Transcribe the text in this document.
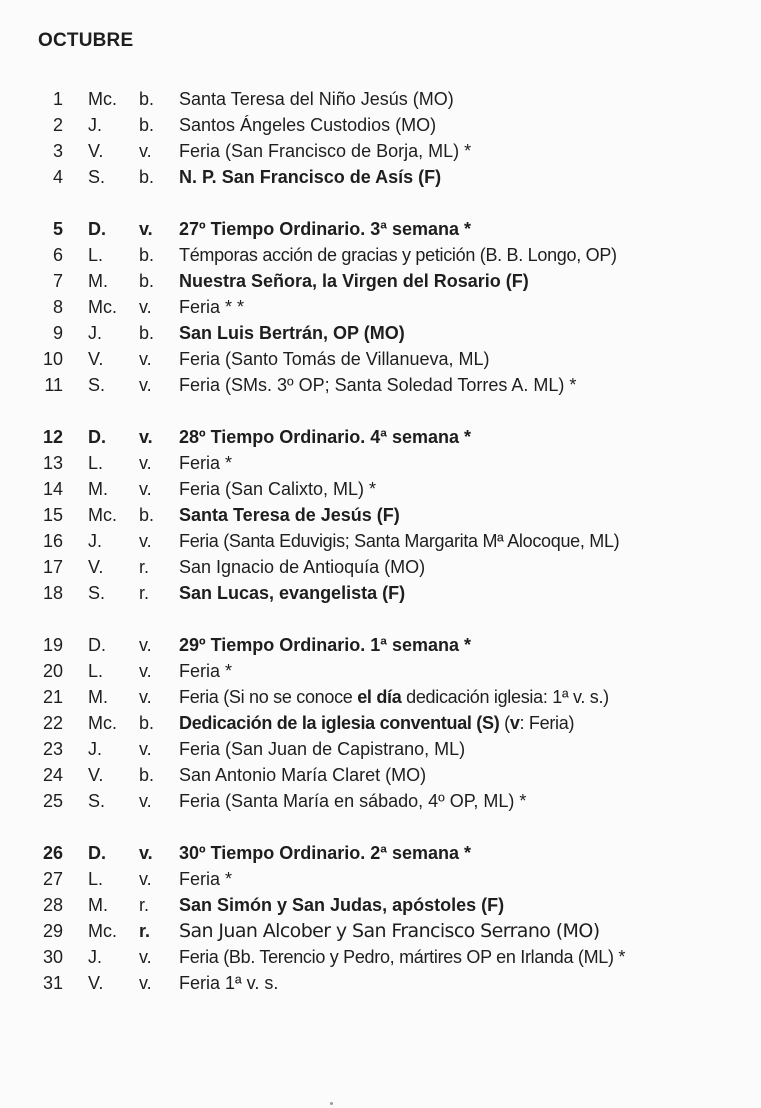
OCTUBRE
1 Mc. b. Santa Teresa del Niño Jesús (MO)
2 J. b. Santos Ángeles Custodios (MO)
3 V. v. Feria (San Francisco de Borja, ML) *
4 S. b. N. P. San Francisco de Asís (F)
5 D. v. 27º Tiempo Ordinario. 3ª semana *
6 L. b. Témporas acción de gracias y petición (B. B. Longo, OP)
7 M. b. Nuestra Señora, la Virgen del Rosario (F)
8 Mc. v. Feria * *
9 J. b. San Luis Bertrán, OP (MO)
10 V. v. Feria (Santo Tomás de Villanueva, ML)
11 S. v. Feria (SMs. 3º OP; Santa Soledad Torres A. ML) *
12 D. v. 28º Tiempo Ordinario. 4ª semana *
13 L. v. Feria *
14 M. v. Feria (San Calixto, ML) *
15 Mc. b. Santa Teresa de Jesús (F)
16 J. v. Feria (Santa Eduvigis; Santa Margarita Mª Alocoque, ML)
17 V. r. San Ignacio de Antioquía (MO)
18 S. r. San Lucas, evangelista (F)
19 D. v. 29º Tiempo Ordinario. 1ª semana *
20 L. v. Feria *
21 M. v. Feria (Si no se conoce el día dedicación iglesia: 1ª v. s.)
22 Mc. b. Dedicación de la iglesia conventual (S) (v: Feria)
23 J. v. Feria (San Juan de Capistrano, ML)
24 V. b. San Antonio María Claret (MO)
25 S. v. Feria (Santa María en sábado, 4º OP, ML) *
26 D. v. 30º Tiempo Ordinario. 2ª semana *
27 L. v. Feria *
28 M. r. San Simón y San Judas, apóstoles (F)
29 Mc. r. San Juan Alcober y San Francisco Serrano (MO)
30 J. v. Feria (Bb. Terencio y Pedro, mártires OP en Irlanda (ML) *
31 V. v. Feria 1ª v. s.
